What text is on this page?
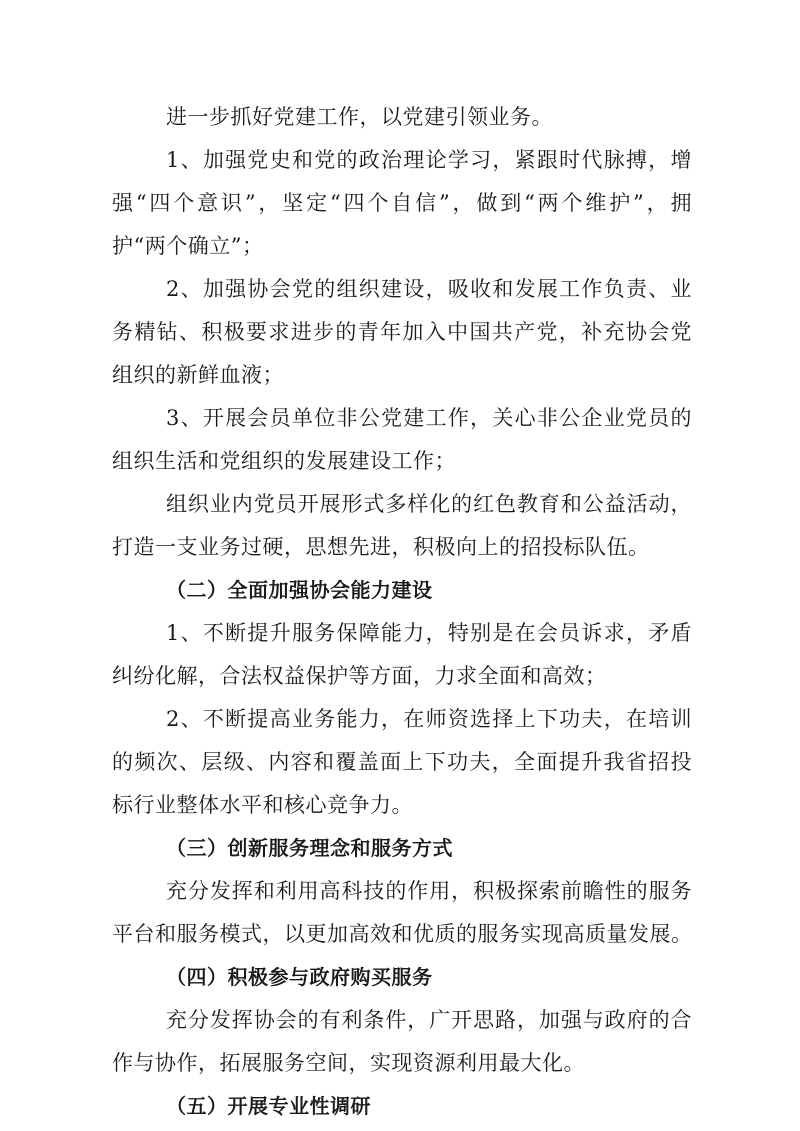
进一步抓好党建工作，以党建引领业务。
1、加强党史和党的政治理论学习，紧跟时代脉搏，增
强“四个意识”，坚定“四个自信”，做到“两个维护”，拥
护“两个确立”；
2、加强协会党的组织建设，吸收和发展工作负责、业
务精钻、积极要求进步的青年加入中国共产党，补充协会党
组织的新鲜血液；
3、开展会员单位非公党建工作，关心非公企业党员的
组织生活和党组织的发展建设工作；
组织业内党员开展形式多样化的红色教育和公益活动，
打造一支业务过硬，思想先进，积极向上的招投标队伍。
（二）全面加强协会能力建设
1、不断提升服务保障能力，特别是在会员诉求，矛盾
纠纷化解，合法权益保护等方面，力求全面和高效；
2、不断提高业务能力，在师资选择上下功夫，在培训
的频次、层级、内容和覆盖面上下功夫，全面提升我省招投
标行业整体水平和核心竞争力。
（三）创新服务理念和服务方式
充分发挥和利用高科技的作用，积极探索前瞻性的服务
平台和服务模式，以更加高效和优质的服务实现高质量发展。
（四）积极参与政府购买服务
充分发挥协会的有利条件，广开思路，加强与政府的合
作与协作，拓展服务空间，实现资源利用最大化。
（五）开展专业性调研
